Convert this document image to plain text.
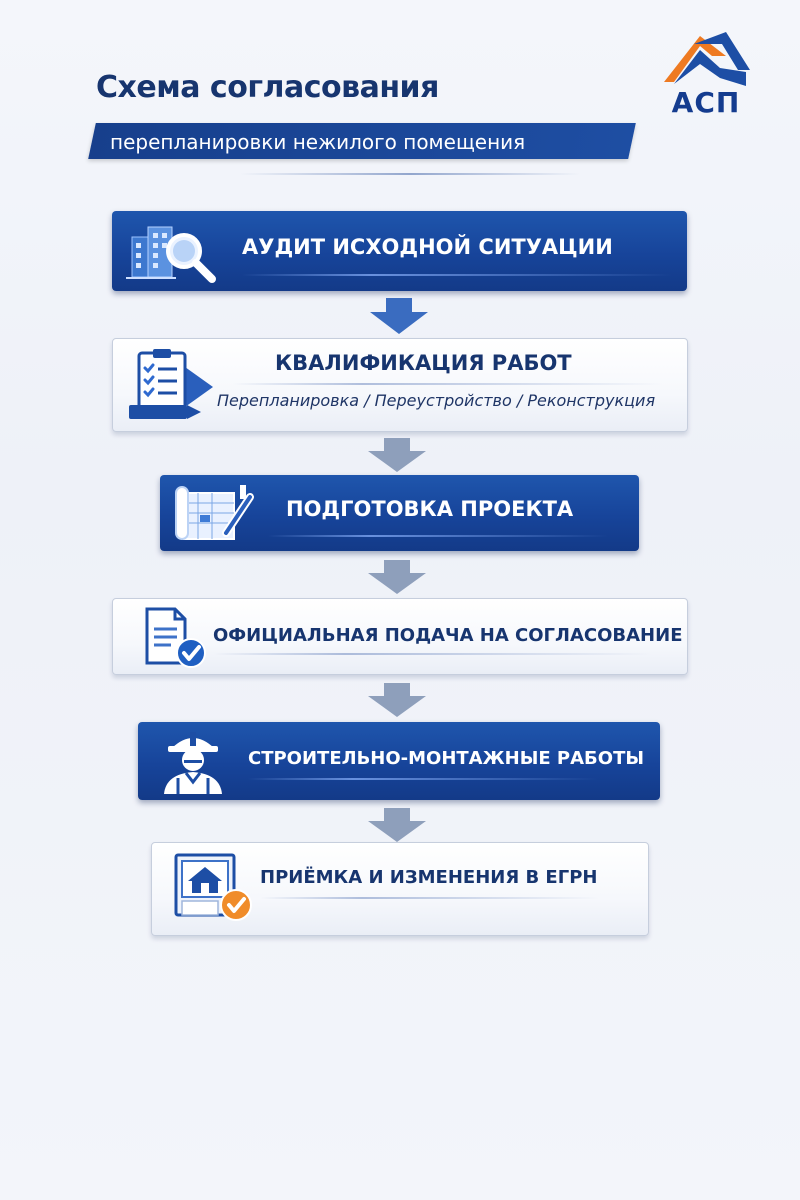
Схема согласования
перепланировки нежилого помещения
АСП
АУДИТ ИСХОДНОЙ СИТУАЦИИ
КВАЛИФИКАЦИЯ РАБОТ
Перепланировка / Переустройство / Реконструкция
ПОДГОТОВКА ПРОЕКТА
ОФИЦИАЛЬНАЯ ПОДАЧА НА СОГЛАСОВАНИЕ
СТРОИТЕЛЬНО-МОНТАЖНЫЕ РАБОТЫ
ПРИЁМКА И ИЗМЕНЕНИЯ В ЕГРН
